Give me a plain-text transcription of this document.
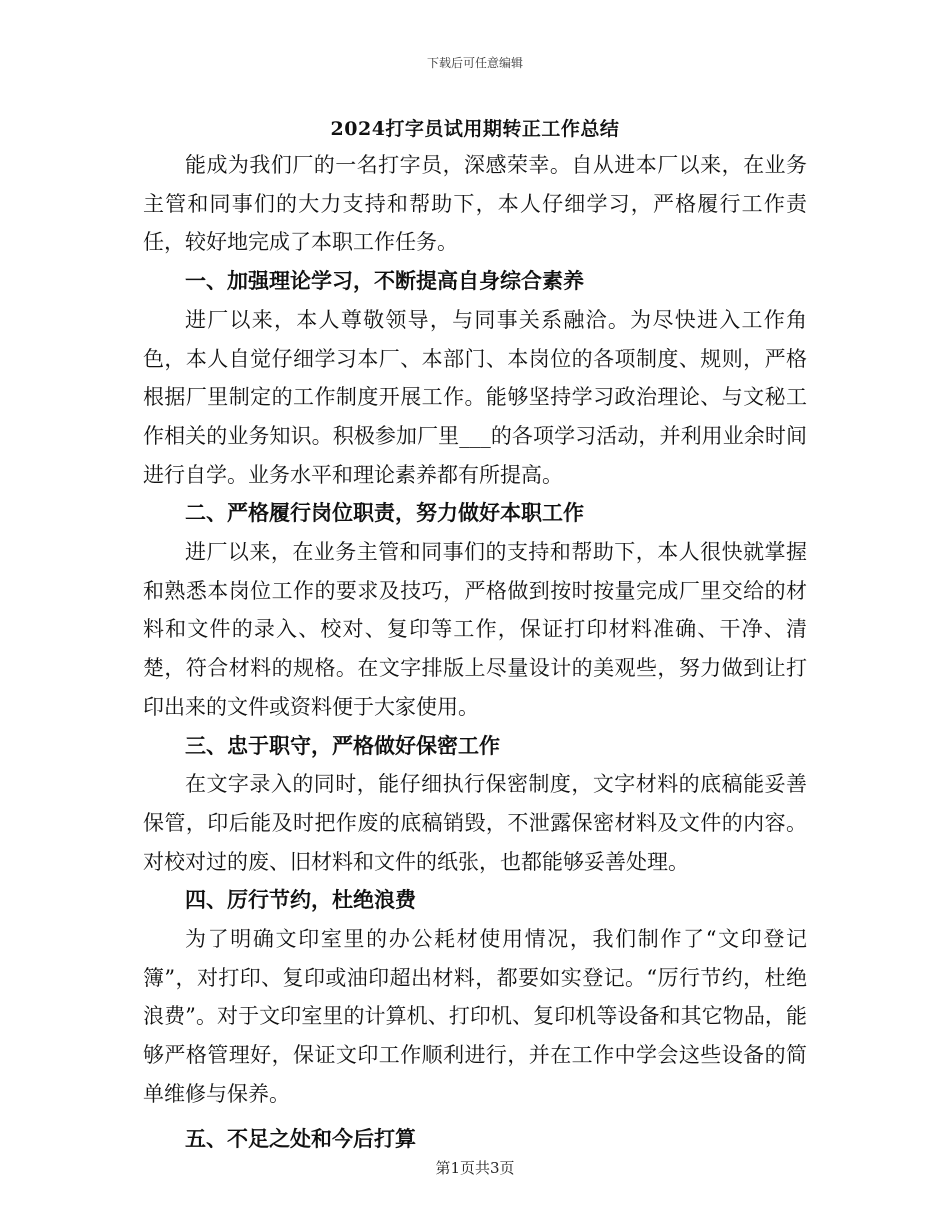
下载后可任意编辑
2024打字员试用期转正工作总结

能成为我们厂的一名打字员，深感荣幸。自从进本厂以来，在业务主管和同事们的大力支持和帮助下，本人仔细学习，严格履行工作责任，较好地完成了本职工作任务。

一、加强理论学习，不断提高自身综合素养

进厂以来，本人尊敬领导，与同事关系融洽。为尽快进入工作角色，本人自觉仔细学习本厂、本部门、本岗位的各项制度、规则，严格根据厂里制定的工作制度开展工作。能够坚持学习政治理论、与文秘工作相关的业务知识。积极参加厂里___的各项学习活动，并利用业余时间进行自学。业务水平和理论素养都有所提高。

二、严格履行岗位职责，努力做好本职工作

进厂以来，在业务主管和同事们的支持和帮助下，本人很快就掌握和熟悉本岗位工作的要求及技巧，严格做到按时按量完成厂里交给的材料和文件的录入、校对、复印等工作，保证打印材料准确、干净、清楚，符合材料的规格。在文字排版上尽量设计的美观些，努力做到让打印出来的文件或资料便于大家使用。

三、忠于职守，严格做好保密工作

在文字录入的同时，能仔细执行保密制度，文字材料的底稿能妥善保管，印后能及时把作废的底稿销毁，不泄露保密材料及文件的内容。对校对过的废、旧材料和文件的纸张，也都能够妥善处理。

四、厉行节约，杜绝浪费

为了明确文印室里的办公耗材使用情况，我们制作了“文印登记簿”，对打印、复印或油印超出材料，都要如实登记。“厉行节约，杜绝浪费”。对于文印室里的计算机、打印机、复印机等设备和其它物品，能够严格管理好，保证文印工作顺利进行，并在工作中学会这些设备的简单维修与保养。

五、不足之处和今后打算

第1页共3页
